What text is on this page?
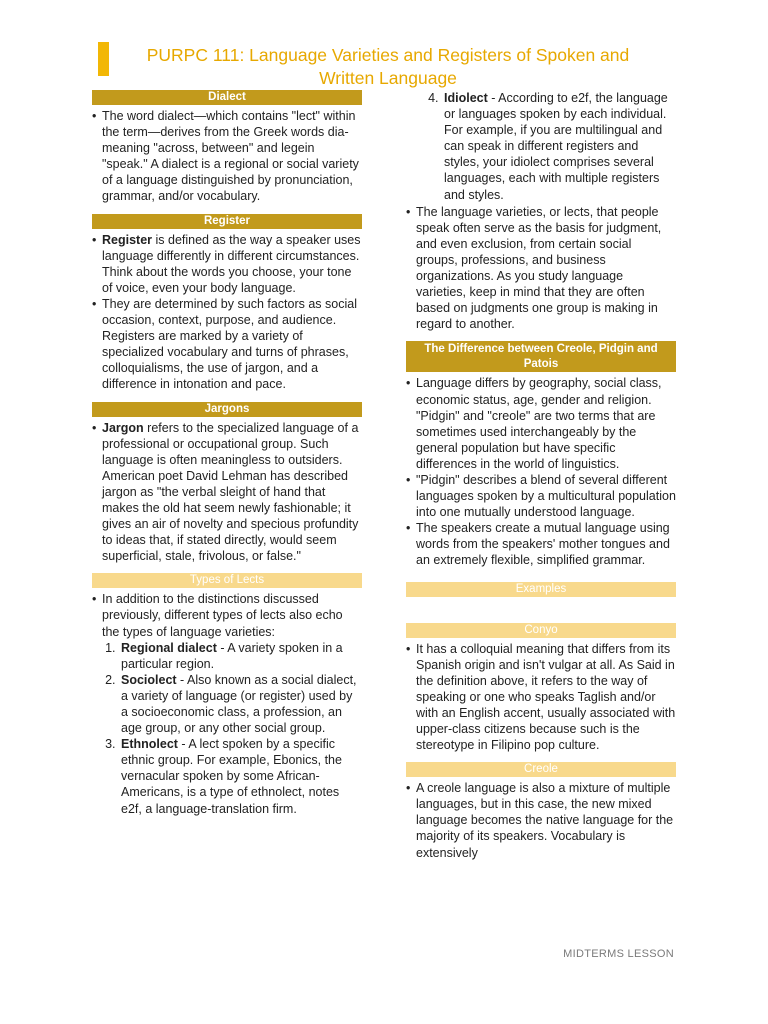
PURPC 111: Language Varieties and Registers of Spoken and Written Language
Dialect
• The word dialect—which contains "lect" within the term—derives from the Greek words dia-meaning "across, between" and legein "speak." A dialect is a regional or social variety of a language distinguished by pronunciation, grammar, and/or vocabulary.
Register
• Register is defined as the way a speaker uses language differently in different circumstances. Think about the words you choose, your tone of voice, even your body language.
• They are determined by such factors as social occasion, context, purpose, and audience. Registers are marked by a variety of specialized vocabulary and turns of phrases, colloquialisms, the use of jargon, and a difference in intonation and pace.
Jargons
• Jargon refers to the specialized language of a professional or occupational group. Such language is often meaningless to outsiders. American poet David Lehman has described jargon as "the verbal sleight of hand that makes the old hat seem newly fashionable; it gives an air of novelty and specious profundity to ideas that, if stated directly, would seem superficial, stale, frivolous, or false."
Types of Lects
• In addition to the distinctions discussed previously, different types of lects also echo the types of language varieties:
1. Regional dialect - A variety spoken in a particular region.
2. Sociolect - Also known as a social dialect, a variety of language (or register) used by a socioeconomic class, a profession, an age group, or any other social group.
3. Ethnolect - A lect spoken by a specific ethnic group. For example, Ebonics, the vernacular spoken by some African-Americans, is a type of ethnolect, notes e2f, a language-translation firm.
4. Idiolect - According to e2f, the language or languages spoken by each individual. For example, if you are multilingual and can speak in different registers and styles, your idiolect comprises several languages, each with multiple registers and styles.
• The language varieties, or lects, that people speak often serve as the basis for judgment, and even exclusion, from certain social groups, professions, and business organizations. As you study language varieties, keep in mind that they are often based on judgments one group is making in regard to another.
The Difference between Creole, Pidgin and Patois
• Language differs by geography, social class, economic status, age, gender and religion. "Pidgin" and "creole" are two terms that are sometimes used interchangeably by the general population but have specific differences in the world of linguistics.
• "Pidgin" describes a blend of several different languages spoken by a multicultural population into one mutually understood language.
• The speakers create a mutual language using words from the speakers' mother tongues and an extremely flexible, simplified grammar.
Examples
Conyo
• It has a colloquial meaning that differs from its Spanish origin and isn't vulgar at all. As Said in the definition above, it refers to the way of speaking or one who speaks Taglish and/or with an English accent, usually associated with upper-class citizens because such is the stereotype in Filipino pop culture.
Creole
• A creole language is also a mixture of multiple languages, but in this case, the new mixed language becomes the native language for the majority of its speakers. Vocabulary is extensively
MIDTERMS LESSON
